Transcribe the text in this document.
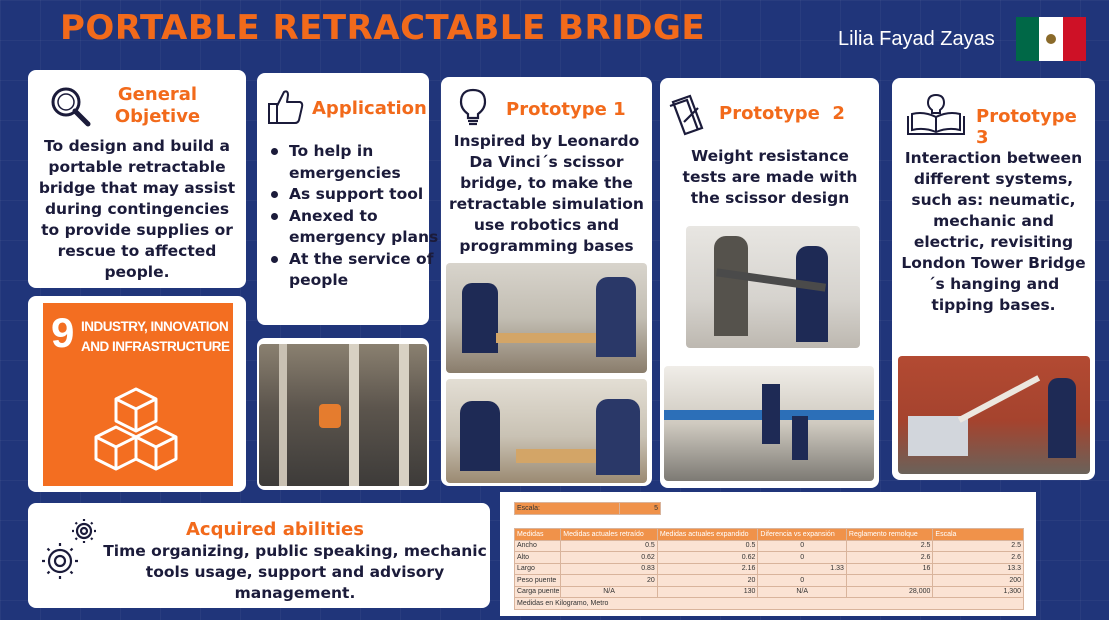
PORTABLE RETRACTABLE BRIDGE	Lilia Fayad Zayas
General Objetive
To design and build a portable retractable bridge that may assist during contingencies to provide supplies or rescue to affected people.
9 INDUSTRY, INNOVATION AND INFRASTRUCTURE
Application
To help in emergencies
As support tool
Anexed to emergency plans
At the service of people
Prototype 1
Inspired by Leonardo Da Vinci´s scissor bridge, to make the retractable simulation use robotics and programming bases
Prototype  2
Weight resistance tests are made with the scissor design
Prototype 3
Interaction between different systems, such as: neumatic, mechanic and electric, revisiting London Tower Bridge´s hanging and tipping bases.
Acquired abilities
Time organizing, public speaking, mechanic tools usage, support and advisory management.
Escala:	5
Medidas	Medidas actuales retraído	Medidas actuales expandido	Diferencia vs expansión	Reglamento remolque	Escala
Ancho	0.5	0.5	0	2.5	2.5
Alto	0.62	0.62	0	2.6	2.6
Largo	0.83	2.16	1.33	16	13.3
Peso puente	20	20	0		200
Carga puente	N/A	130	N/A	28,000	1,300
Medidas en Kilogramo, Metro					
